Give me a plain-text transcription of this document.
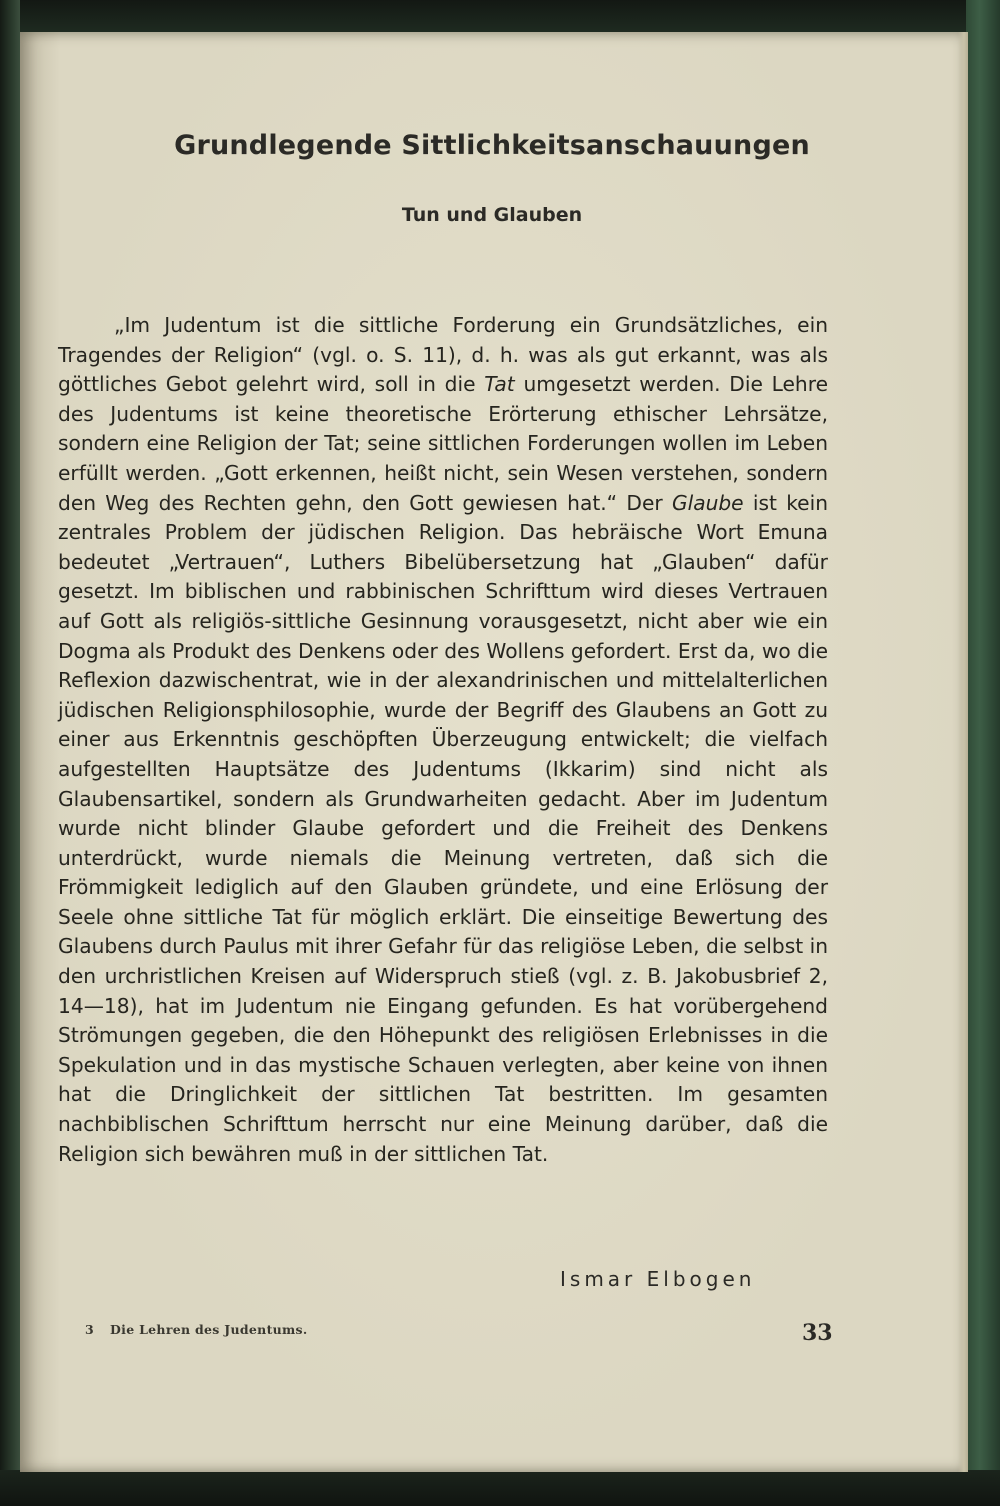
Grundlegende Sittlichkeitsanschauungen
Tun und Glauben

„Im Judentum ist die sittliche Forderung ein Grundsätzliches, ein Tragendes der Religion“ (vgl. o. S. 11), d. h. was als gut erkannt, was als göttliches Gebot gelehrt wird, soll in die Tat umgesetzt werden. Die Lehre des Judentums ist keine theoretische Erörterung ethischer Lehrsätze, sondern eine Religion der Tat; seine sittlichen Forderungen wollen im Leben erfüllt werden. „Gott erkennen, heißt nicht, sein Wesen verstehen, sondern den Weg des Rechten gehn, den Gott gewiesen hat.“ Der Glaube ist kein zentrales Problem der jüdischen Religion. Das hebräische Wort Emuna bedeutet „Vertrauen“, Luthers Bibelübersetzung hat „Glauben“ dafür gesetzt. Im biblischen und rabbinischen Schrifttum wird dieses Vertrauen auf Gott als religiös-sittliche Gesinnung vorausgesetzt, nicht aber wie ein Dogma als Produkt des Denkens oder des Wollens gefordert. Erst da, wo die Reflexion dazwischentrat, wie in der alexandrinischen und mittelalterlichen jüdischen Religionsphilosophie, wurde der Begriff des Glaubens an Gott zu einer aus Erkenntnis geschöpften Überzeugung entwickelt; die vielfach aufgestellten Hauptsätze des Judentums (Ikkarim) sind nicht als Glaubensartikel, sondern als Grundwarheiten gedacht. Aber im Judentum wurde nicht blinder Glaube gefordert und die Freiheit des Denkens unterdrückt, wurde niemals die Meinung vertreten, daß sich die Frömmigkeit lediglich auf den Glauben gründete, und eine Erlösung der Seele ohne sittliche Tat für möglich erklärt. Die einseitige Bewertung des Glaubens durch Paulus mit ihrer Gefahr für das religiöse Leben, die selbst in den urchristlichen Kreisen auf Widerspruch stieß (vgl. z. B. Jakobusbrief 2, 14—18), hat im Judentum nie Eingang gefunden. Es hat vorübergehend Strömungen gegeben, die den Höhepunkt des religiösen Erlebnisses in die Spekulation und in das mystische Schauen verlegten, aber keine von ihnen hat die Dringlichkeit der sittlichen Tat bestritten. Im gesamten nachbiblischen Schrifttum herrscht nur eine Meinung darüber, daß die Religion sich bewähren muß in der sittlichen Tat.

Ismar Elbogen

3 Die Lehren des Judentums.	33
